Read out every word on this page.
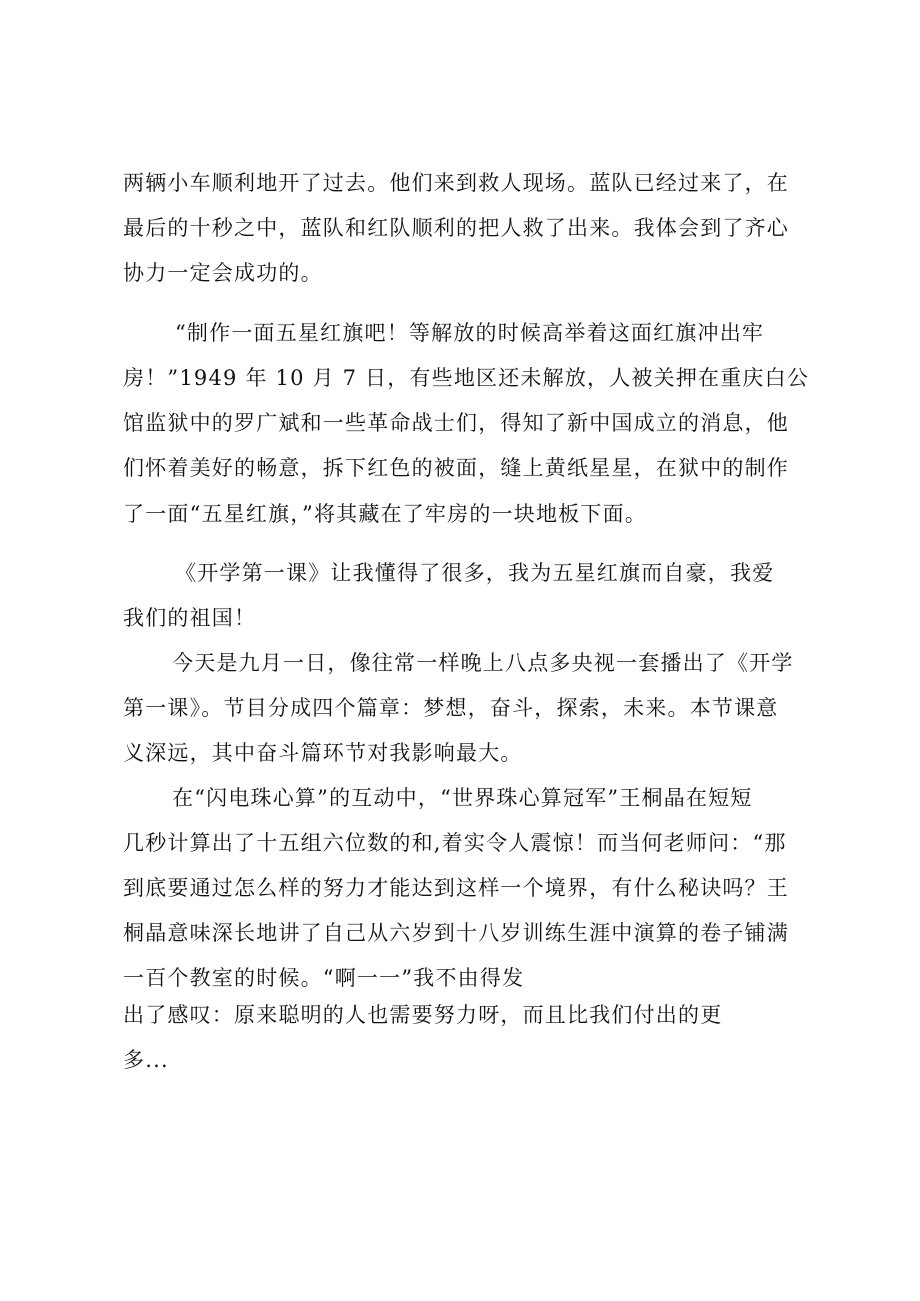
两辆小车顺利地开了过去。他们来到救人现场。蓝队已经过来了，在
最后的十秒之中，蓝队和红队顺利的把人救了出来。我体会到了齐心
协力一定会成功的。
“制作一面五星红旗吧！等解放的时候高举着这面红旗冲出牢
房！”1949 年 10 月 7 日，有些地区还未解放，人被关押在重庆白公
馆监狱中的罗广斌和一些革命战士们，得知了新中国成立的消息，他
们怀着美好的畅意，拆下红色的被面，缝上黄纸星星，在狱中的制作
了一面“五星红旗，”将其藏在了牢房的一块地板下面。
《开学第一课》让我懂得了很多，我为五星红旗而自豪，我爱
我们的祖国！
今天是九月一日，像往常一样晚上八点多央视一套播出了《开学
第一课》。节目分成四个篇章：梦想，奋斗，探索，未来。本节课意
义深远，其中奋斗篇环节对我影响最大。
在“闪电珠心算”的互动中，“世界珠心算冠军”王桐晶在短短
几秒计算出了十五组六位数的和,着实令人震惊！而当何老师问：“那
到底要通过怎么样的努力才能达到这样一个境界，有什么秘诀吗？王
桐晶意味深长地讲了自己从六岁到十八岁训练生涯中演算的卷子铺满
一百个教室的时候。“啊一一”我不由得发
出了感叹：原来聪明的人也需要努力呀，而且比我们付出的更
多...
